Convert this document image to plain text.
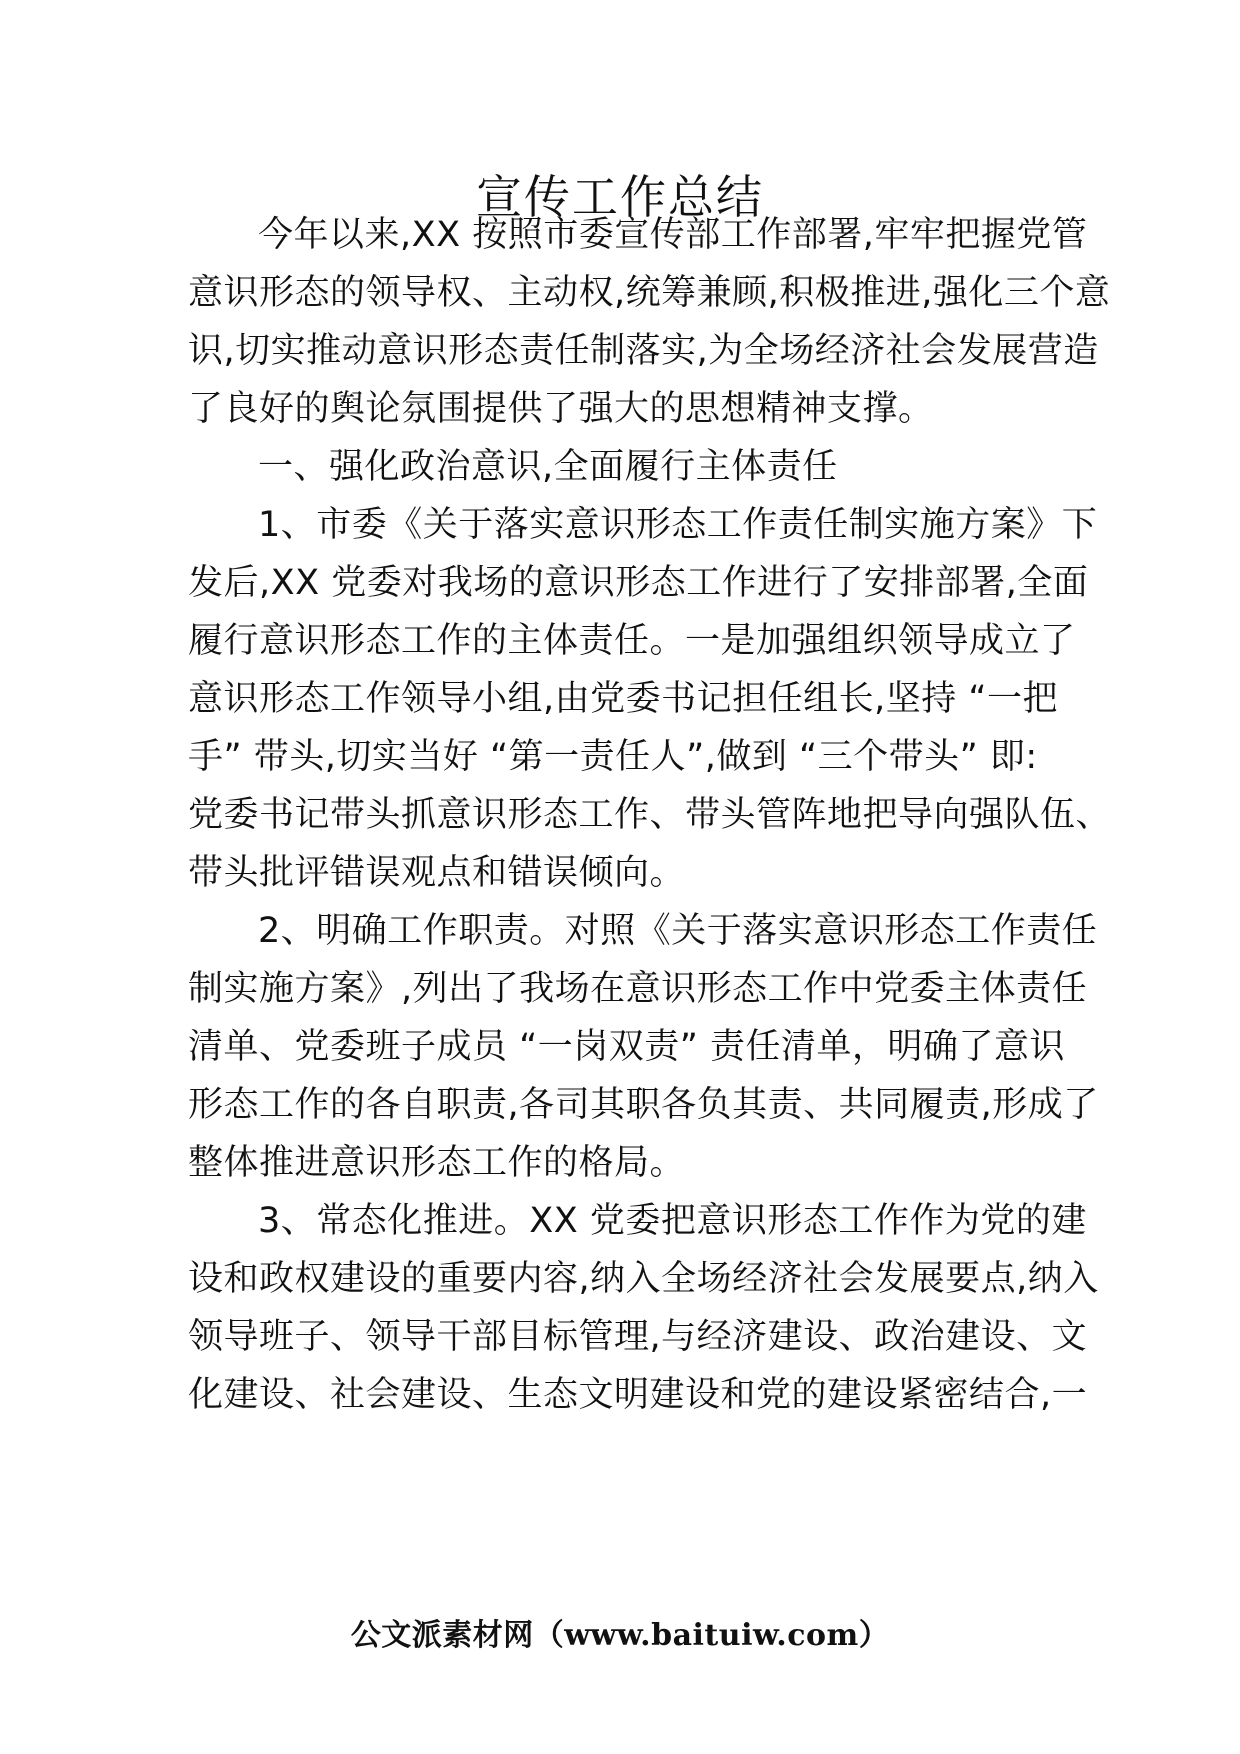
宣传工作总结
今年以来,XX 按照市委宣传部工作部署,牢牢把握党管
意识形态的领导权、主动权,统筹兼顾,积极推进,强化三个意
识,切实推动意识形态责任制落实,为全场经济社会发展营造
了良好的舆论氛围提供了强大的思想精神支撑。
一、强化政治意识,全面履行主体责任
1、市委《关于落实意识形态工作责任制实施方案》下
发后,XX 党委对我场的意识形态工作进行了安排部署,全面
履行意识形态工作的主体责任。一是加强组织领导成立了
意识形态工作领导小组,由党委书记担任组长,坚持 “一把
手” 带头,切实当好 “第一责任人”,做到 “三个带头” 即:
党委书记带头抓意识形态工作、带头管阵地把导向强队伍、
带头批评错误观点和错误倾向。
2、明确工作职责。对照《关于落实意识形态工作责任
制实施方案》,列出了我场在意识形态工作中党委主体责任
清单、党委班子成员 “一岗双责” 责任清单，明确了意识
形态工作的各自职责,各司其职各负其责、共同履责,形成了
整体推进意识形态工作的格局。
3、常态化推进。XX 党委把意识形态工作作为党的建
设和政权建设的重要内容,纳入全场经济社会发展要点,纳入
领导班子、领导干部目标管理,与经济建设、政治建设、文
化建设、社会建设、生态文明建设和党的建设紧密结合,一
公文派素材网（www.baituiw.com）
